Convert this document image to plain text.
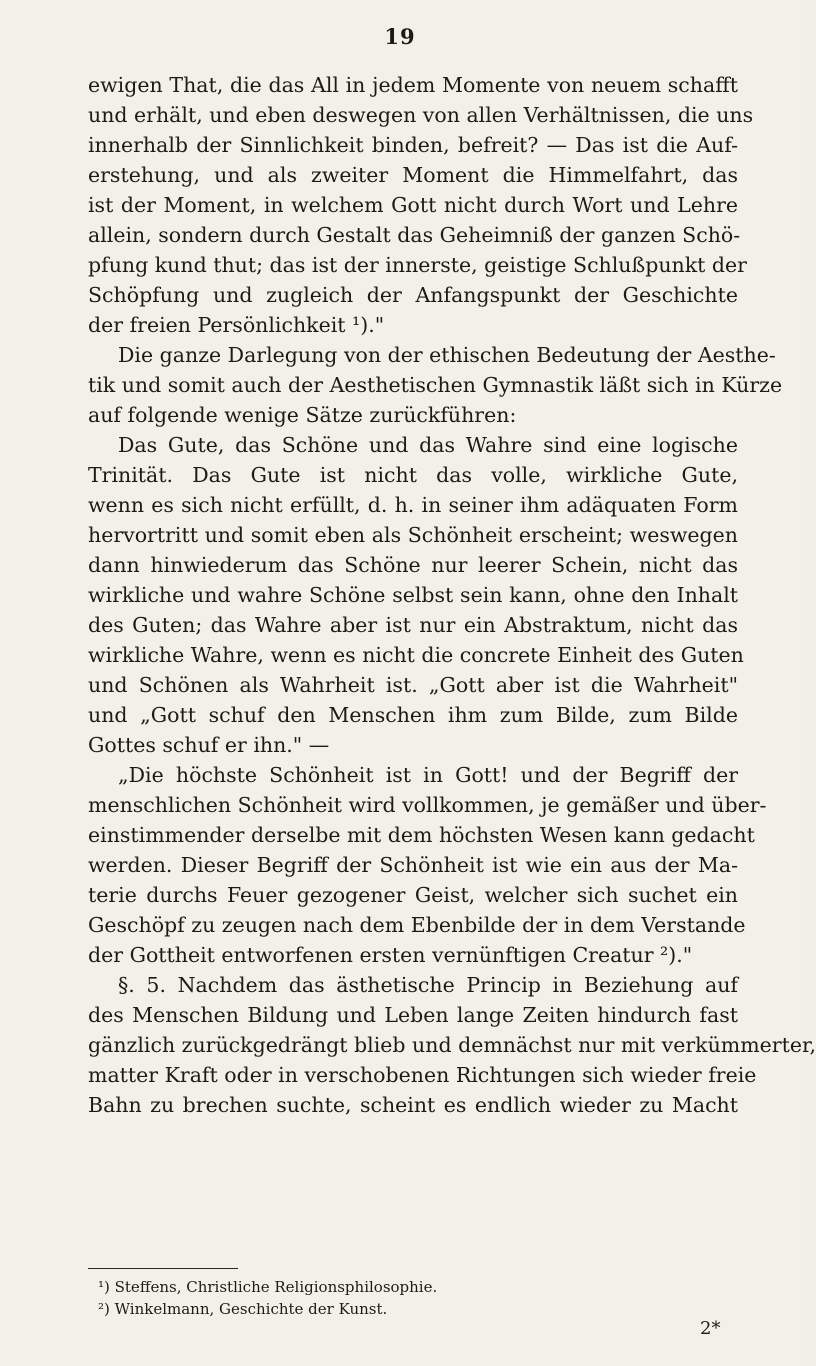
19
ewigen That, die das All in jedem Momente von neuem schafft
und erhält, und eben deswegen von allen Verhältnissen, die uns
innerhalb der Sinnlichkeit binden, befreit? — Das ist die Auf-
erstehung, und als zweiter Moment die Himmelfahrt, das
ist der Moment, in welchem Gott nicht durch Wort und Lehre
allein, sondern durch Gestalt das Geheimniß der ganzen Schö-
pfung kund thut; das ist der innerste, geistige Schlußpunkt der
Schöpfung und zugleich der Anfangspunkt der Geschichte
der freien Persönlichkeit ¹)."
Die ganze Darlegung von der ethischen Bedeutung der Aesthe-
tik und somit auch der Aesthetischen Gymnastik läßt sich in Kürze
auf folgende wenige Sätze zurückführen:
Das Gute, das Schöne und das Wahre sind eine logische
Trinität. Das Gute ist nicht das volle, wirkliche Gute,
wenn es sich nicht erfüllt, d. h. in seiner ihm adäquaten Form
hervortritt und somit eben als Schönheit erscheint; weswegen
dann hinwiederum das Schöne nur leerer Schein, nicht das
wirkliche und wahre Schöne selbst sein kann, ohne den Inhalt
des Guten; das Wahre aber ist nur ein Abstraktum, nicht das
wirkliche Wahre, wenn es nicht die concrete Einheit des Guten
und Schönen als Wahrheit ist. „Gott aber ist die Wahrheit"
und „Gott schuf den Menschen ihm zum Bilde, zum Bilde
Gottes schuf er ihn." —
„Die höchste Schönheit ist in Gott! und der Begriff der
menschlichen Schönheit wird vollkommen, je gemäßer und über-
einstimmender derselbe mit dem höchsten Wesen kann gedacht
werden. Dieser Begriff der Schönheit ist wie ein aus der Ma-
terie durchs Feuer gezogener Geist, welcher sich suchet ein
Geschöpf zu zeugen nach dem Ebenbilde der in dem Verstande
der Gottheit entworfenen ersten vernünftigen Creatur ²)."
§. 5. Nachdem das ästhetische Princip in Beziehung auf
des Menschen Bildung und Leben lange Zeiten hindurch fast
gänzlich zurückgedrängt blieb und demnächst nur mit verkümmerter,
matter Kraft oder in verschobenen Richtungen sich wieder freie
Bahn zu brechen suchte, scheint es endlich wieder zu Macht
¹) Steffens, Christliche Religionsphilosophie.
²) Winkelmann, Geschichte der Kunst.
2*
